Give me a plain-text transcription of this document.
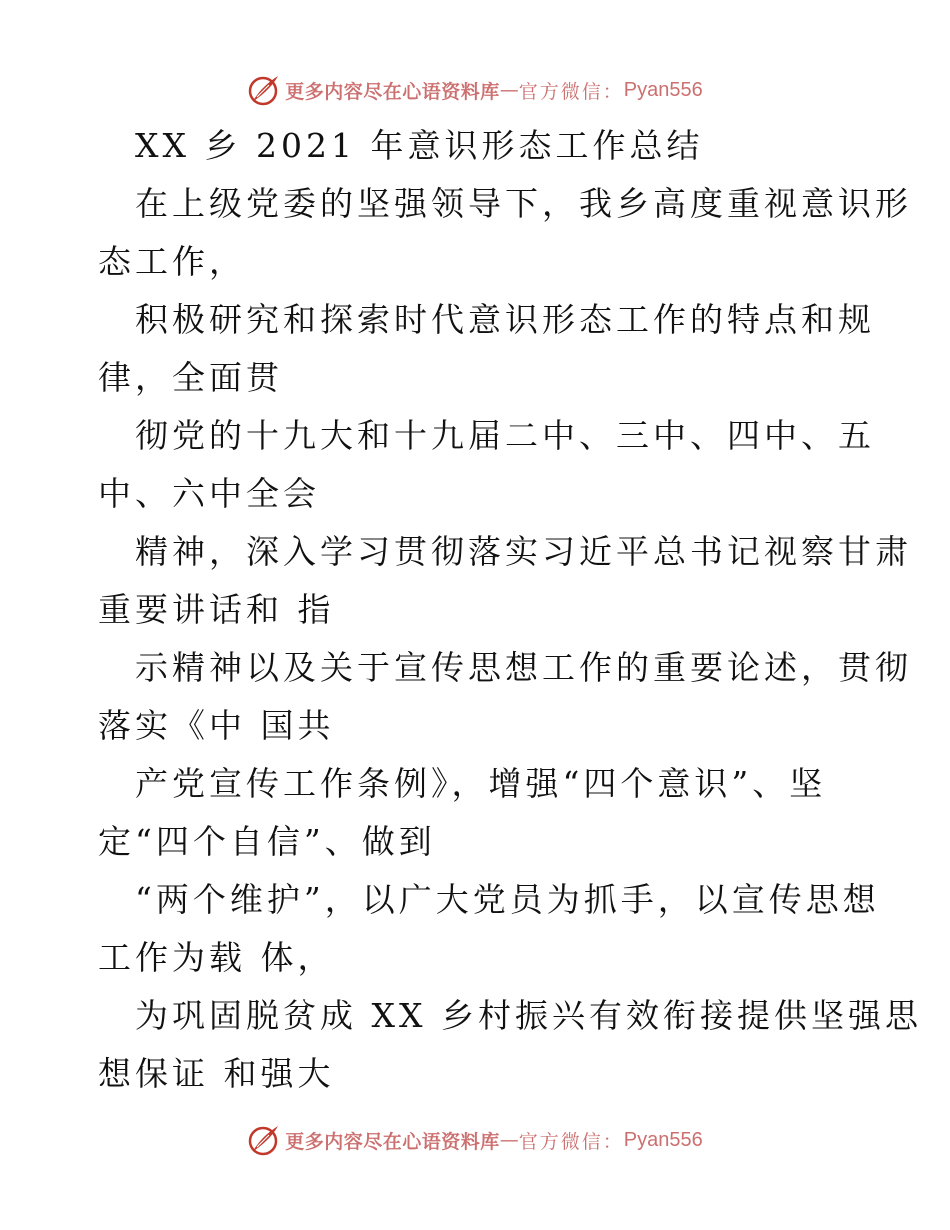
更多内容尽在心语资料库 — 官方微信： Pyan556
XX 乡 2021 年意识形态工作总结
在上级党委的坚强领导下，我乡高度重视意识形
态工作，
积极研究和探索时代意识形态工作的特点和规
律，全面贯
彻党的十九大和十九届二中、三中、四中、五
中、六中全会
精神，深入学习贯彻落实习近平总书记视察甘肃
重要讲话和 指
示精神以及关于宣传思想工作的重要论述，贯彻
落实《中 国共
产党宣传工作条例》，增强“四个意识”、坚
定“四个自信”、做到
“两个维护”，以广大党员为抓手，以宣传思想
工作为载 体，
为巩固脱贫成 XX 乡村振兴有效衔接提供坚强思
想保证 和强大
更多内容尽在心语资料库 — 官方微信： Pyan556
